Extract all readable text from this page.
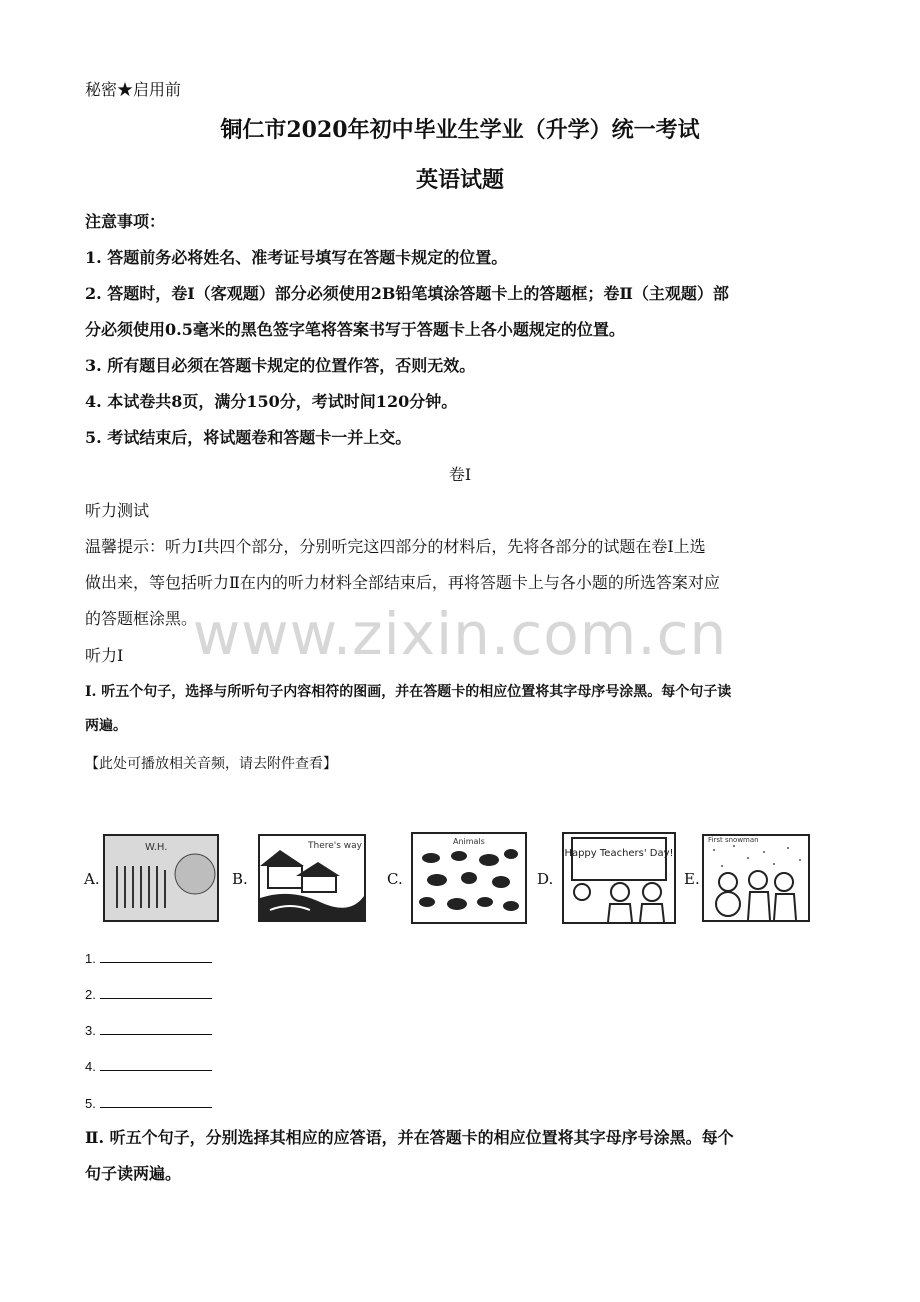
www.zixin.com.cn
秘密★启用前
铜仁市2020年初中毕业生学业（升学）统一考试
英语试题
注意事项：
1. 答题前务必将姓名、准考证号填写在答题卡规定的位置。
2. 答题时，卷Ⅰ（客观题）部分必须使用2B铅笔填涂答题卡上的答题框；卷Ⅱ（主观题）部
分必须使用0.5毫米的黑色签字笔将答案书写于答题卡上各小题规定的位置。
3. 所有题目必须在答题卡规定的位置作答，否则无效。
4. 本试卷共8页，满分150分，考试时间120分钟。
5. 考试结束后，将试题卷和答题卡一并上交。
卷Ⅰ
听力测试
温馨提示：听力Ⅰ共四个部分，分别听完这四部分的材料后，先将各部分的试题在卷Ⅰ上选
做出来，等包括听力Ⅱ在内的听力材料全部结束后，再将答题卡上与各小题的所选答案对应
的答题框涂黑。
听力Ⅰ
Ⅰ. 听五个句子，选择与所听句子内容相符的图画，并在答题卡的相应位置将其字母序号涂黑。每个句子读
两遍。
【此处可播放相关音频，请去附件查看】
A.
W.H.
B.
There's way
C.
Animals
D.
Happy Teachers' Day!
E.
First snowman
1.
2.
3.
4.
5.
Ⅱ. 听五个句子，分别选择其相应的应答语，并在答题卡的相应位置将其字母序号涂黑。每个
句子读两遍。
